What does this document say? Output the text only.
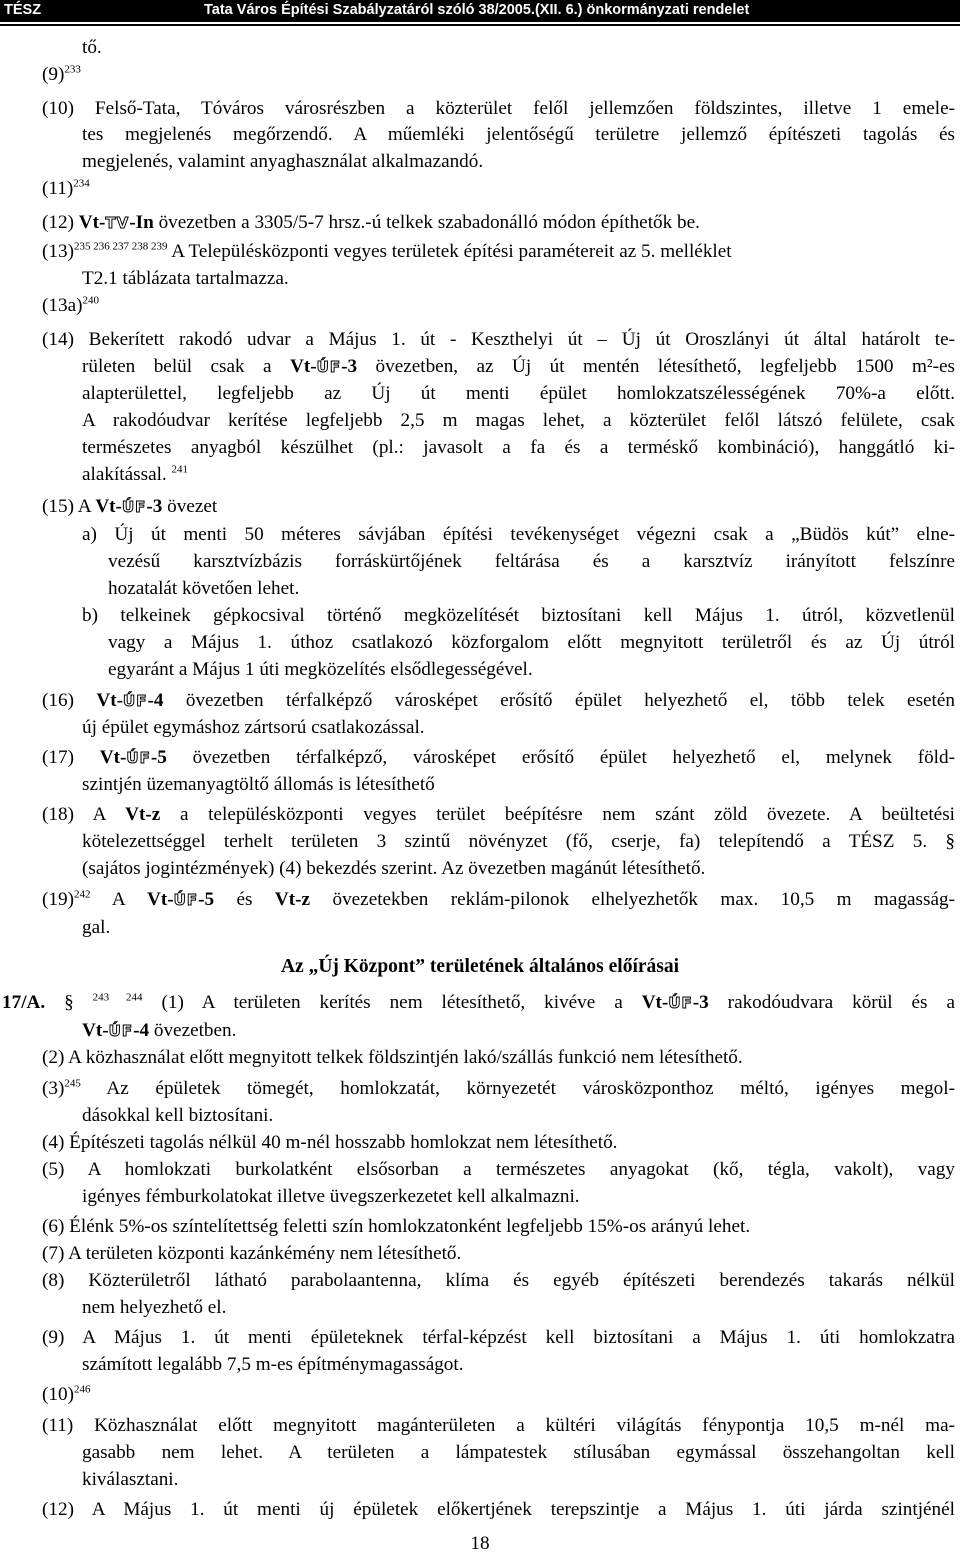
TÉSZ	Tata Város Építési Szabályzatáról szóló 38/2005.(XII. 6.) önkormányzati rendelet
tő.
$(9)^{233}$
(10) Felső-Tata, Tóváros városrészben a közterület felől jellemzően földszintes, illetve 1 emele-
tes megjelenés megőrzendő. A műemléki jelentőségű területre jellemző építészeti tagolás és
megjelenés, valamint anyaghasználat alkalmazandó.
$(11)^{234}$
(12) Vt-TV-In övezetben a 3305/5-7 hrsz.-ú telkek szabadonálló módon építhetők be.
$(13)^{235 236 237 238 239}$ A Településközponti vegyes területek építési paramétereit az 5. melléklet
T2.1 táblázata tartalmazza.
$(13a)^{240}$
(14) Bekerített rakodó udvar a Május 1. út - Keszthelyi út – Új út Oroszlányi út által határolt te-
rületen belül csak a Vt-ÚF-3 övezetben, az Új út mentén létesíthető, legfeljebb 1500 m²-es
alapterülettel, legfeljebb az Új út menti épület homlokzatszélességének 70%-a előtt.
A rakodóudvar kerítése legfeljebb 2,5 m magas lehet, a közterület felől látszó felülete, csak
természetes anyagból készülhet (pl.: javasolt a fa és a terméskő kombináció), hanggátló ki-
alakítással. $^{241}$
(15) A Vt-ÚF-3 övezet
a) Új út menti 50 méteres sávjában építési tevékenységet végezni csak a „Büdös kút” elne-
vezésű karsztvízbázis forráskürtőjének feltárása és a karsztvíz irányított felszínre
hozatalát követően lehet.
b) telkeinek gépkocsival történő megközelítését biztosítani kell Május 1. útról, közvetlenül
vagy a Május 1. úthoz csatlakozó közforgalom előtt megnyitott területről és az Új útról
egyaránt a Május 1 úti megközelítés elsődlegességével.
(16) Vt-ÚF-4 övezetben térfalképző városképet erősítő épület helyezhető el, több telek esetén
új épület egymáshoz zártsorú csatlakozással.
(17) Vt-ÚF-5 övezetben térfalképző, városképet erősítő épület helyezhető el, melynek föld-
szintjén üzemanyagtöltő állomás is létesíthető
(18) A Vt-z a településközponti vegyes terület beépítésre nem szánt zöld övezete. A beültetési
kötelezettséggel terhelt területen 3 szintű növényzet (fő, cserje, fa) telepítendő a TÉSZ 5. §
(sajátos jogintézmények) (4) bekezdés szerint. Az övezetben magánút létesíthető.
$(19)^{242}$ A Vt-ÚF-5 és Vt-z övezetekben reklám-pilonok elhelyezhetők max. 10,5 m magasság-
gal.
Az „Új Központ” területének általános előírásai
17/A. § $^{243 244}$ (1) A területen kerítés nem létesíthető, kivéve a Vt-ÚF-3 rakodóudvara körül és a
Vt-ÚF-4 övezetben.
(2) A közhasználat előtt megnyitott telkek földszintjén lakó/szállás funkció nem létesíthető.
$(3)^{245}$ Az épületek tömegét, homlokzatát, környezetét városközponthoz méltó, igényes megol-
dásokkal kell biztosítani.
(4) Építészeti tagolás nélkül 40 m-nél hosszabb homlokzat nem létesíthető.
(5) A homlokzati burkolatként elsősorban a természetes anyagokat (kő, tégla, vakolt), vagy
igényes fémburkolatokat illetve üvegszerkezetet kell alkalmazni.
(6) Élénk 5%-os színtelítettség feletti szín homlokzatonként legfeljebb 15%-os arányú lehet.
(7) A területen központi kazánkémény nem létesíthető.
(8) Közterületről látható parabolaantenna, klíma és egyéb építészeti berendezés takarás nélkül
nem helyezhető el.
(9) A Május 1. út menti épületeknek térfal-képzést kell biztosítani a Május 1. úti homlokzatra
számított legalább 7,5 m-es építménymagasságot.
$(10)^{246}$
(11) Közhasználat előtt megnyitott magánterületen a kültéri világítás fénypontja 10,5 m-nél ma-
gasabb nem lehet. A területen a lámpatestek stílusában egymással összehangoltan kell
kiválasztani.
(12) A Május 1. út menti új épületek előkertjének terepszintje a Május 1. úti járda szintjénél
18
